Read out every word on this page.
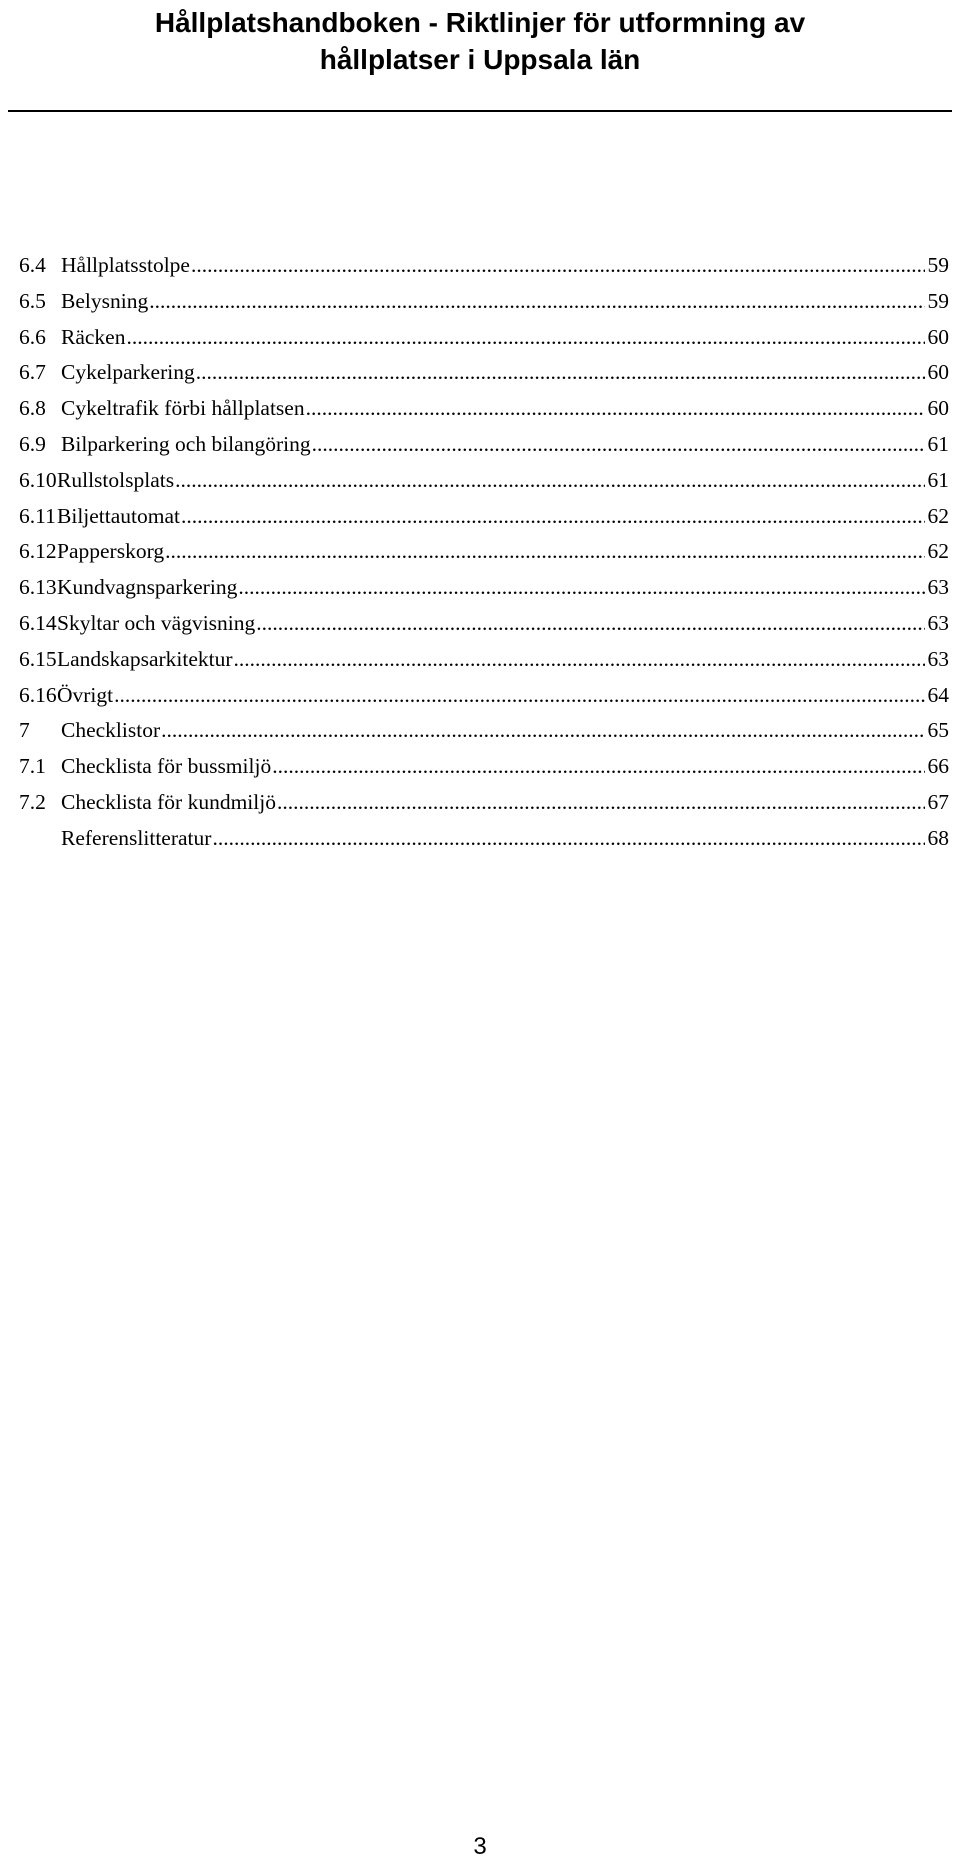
Hållplatshandboken - Riktlinjer för utformning av
hållplatser i Uppsala län

6.4 Hållplatsstolpe .....	59
6.5 Belysning .....	59
6.6 Räcken .....	60
6.7 Cykelparkering .....	60
6.8 Cykeltrafik förbi hållplatsen .....	60
6.9 Bilparkering och bilangöring .....	61
6.10 Rullstolsplats .....	61
6.11 Biljettautomat .....	62
6.12 Papperskorg .....	62
6.13 Kundvagnsparkering .....	63
6.14 Skyltar och vägvisning .....	63
6.15 Landskapsarkitektur .....	63
6.16 Övrigt .....	64
7	Checklistor .....	65
7.1 Checklista för bussmiljö .....	66
7.2 Checklista för kundmiljö .....	67
Referenslitteratur .....	68
3
